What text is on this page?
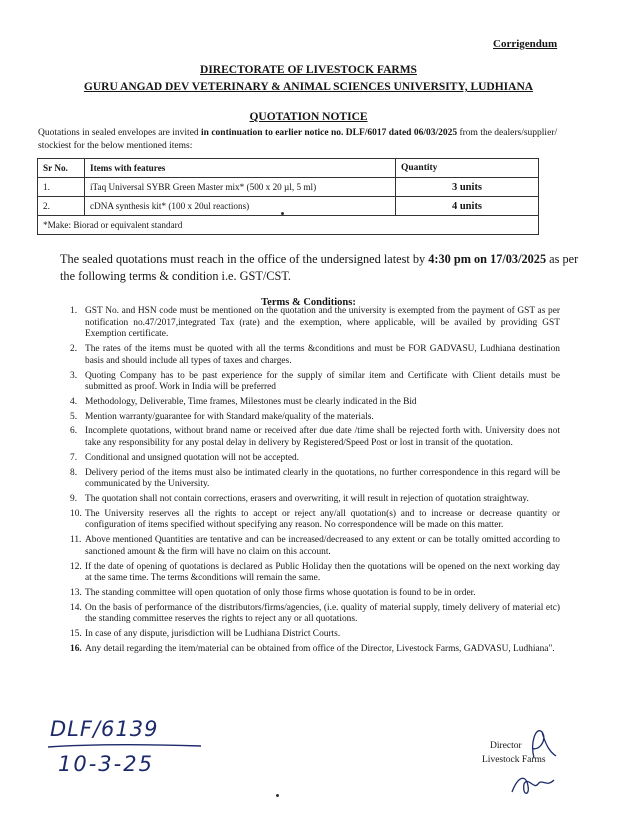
Corrigendum
DIRECTORATE OF LIVESTOCK FARMS
GURU ANGAD DEV VETERINARY & ANIMAL SCIENCES UNIVERSITY, LUDHIANA
QUOTATION NOTICE
Quotations in sealed envelopes are invited in continuation to earlier notice no. DLF/6017 dated 06/03/2025 from the dealers/supplier/ stockiest for the below mentioned items:
Sr No.	Items with features	Quantity
1.	iTaq Universal SYBR Green Master mix* (500 x 20 µl, 5 ml)	3 units
2.	cDNA synthesis kit* (100 x 20ul reactions)	4 units
*Make: Biorad or equivalent standard		
The sealed quotations must reach in the office of the undersigned latest by 4:30 pm on 17/03/2025 as per the following terms & condition i.e. GST/CST.
Terms & Conditions:
1. GST No. and HSN code must be mentioned on the quotation and the university is exempted from the payment of GST as per notification no.47/2017,integrated Tax (rate) and the exemption, where applicable, will be availed by providing GST Exemption certificate.
2. The rates of the items must be quoted with all the terms &conditions and must be FOR GADVASU, Ludhiana destination basis and should include all types of taxes and charges.
3. Quoting Company has to be past experience for the supply of similar item and Certificate with Client details must be submitted as proof. Work in India will be preferred
4. Methodology, Deliverable, Time frames, Milestones must be clearly indicated in the Bid
5. Mention warranty/guarantee for with Standard make/quality of the materials.
6. Incomplete quotations, without brand name or received after due date /time shall be rejected forth with. University does not take any responsibility for any postal delay in delivery by Registered/Speed Post or lost in transit of the quotation.
7. Conditional and unsigned quotation will not be accepted.
8. Delivery period of the items must also be intimated clearly in the quotations, no further correspondence in this regard will be communicated by the University.
9. The quotation shall not contain corrections, erasers and overwriting, it will result in rejection of quotation straightway.
10. The University reserves all the rights to accept or reject any/all quotation(s) and to increase or decrease quantity or configuration of items specified without specifying any reason. No correspondence will be made on this matter.
11. Above mentioned Quantities are tentative and can be increased/decreased to any extent or can be totally omitted according to sanctioned amount & the firm will have no claim on this account.
12. If the date of opening of quotations is declared as Public Holiday then the quotations will be opened on the next working day at the same time. The terms &conditions will remain the same.
13. The standing committee will open quotation of only those firms whose quotation is found to be in order.
14. On the basis of performance of the distributors/firms/agencies, (i.e. quality of material supply, timely delivery of material etc) the standing committee reserves the rights to reject any or all quotations.
15. In case of any dispute, jurisdiction will be Ludhiana District Courts.
16. Any detail regarding the item/material can be obtained from office of the Director, Livestock Farms, GADVASU, Ludhiana".
DLF/6139
10-3-25
Director
Livestock Farms
